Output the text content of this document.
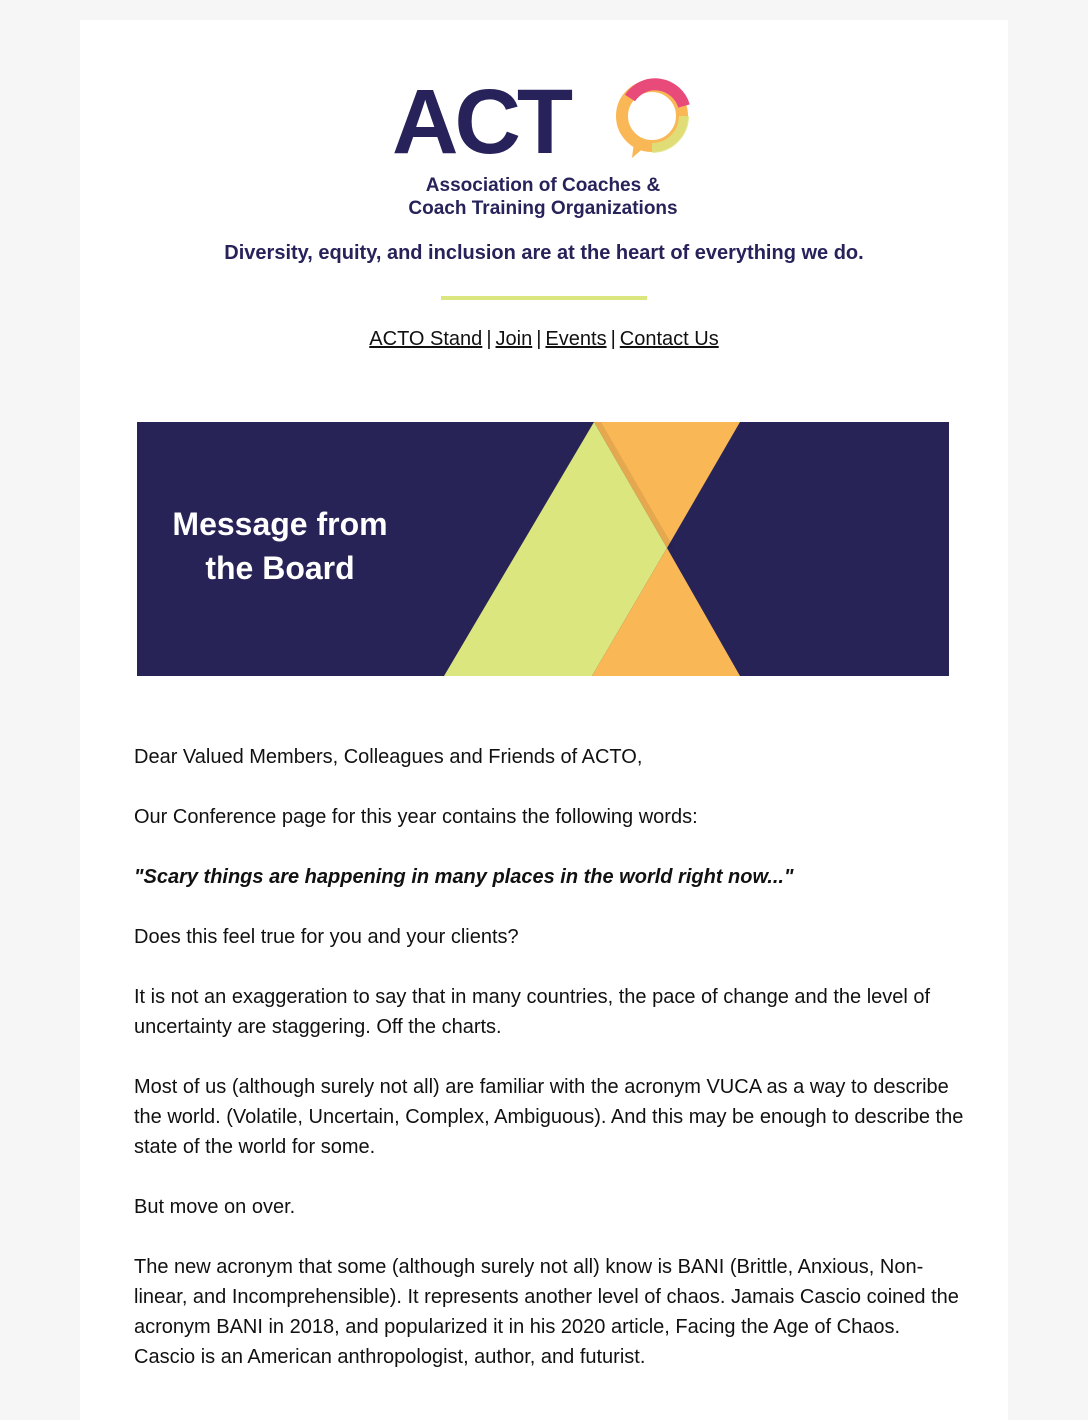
ACT
Association of Coaches &
Coach Training Organizations
Diversity, equity, and inclusion are at the heart of everything we do.
ACTO Stand | Join | Events | Contact Us
Message from
the Board

Dear Valued Members, Colleagues and Friends of ACTO,

Our Conference page for this year contains the following words:

"Scary things are happening in many places in the world right now..."

Does this feel true for you and your clients?

It is not an exaggeration to say that in many countries, the pace of change and the level of uncertainty are staggering. Off the charts.

Most of us (although surely not all) are familiar with the acronym VUCA as a way to describe the world. (Volatile, Uncertain, Complex, Ambiguous). And this may be enough to describe the state of the world for some.

But move on over.

The new acronym that some (although surely not all) know is BANI (Brittle, Anxious, Non-linear, and Incomprehensible). It represents another level of chaos. Jamais Cascio coined the acronym BANI in 2018, and popularized it in his 2020 article, Facing the Age of Chaos. Cascio is an American anthropologist, author, and futurist.
